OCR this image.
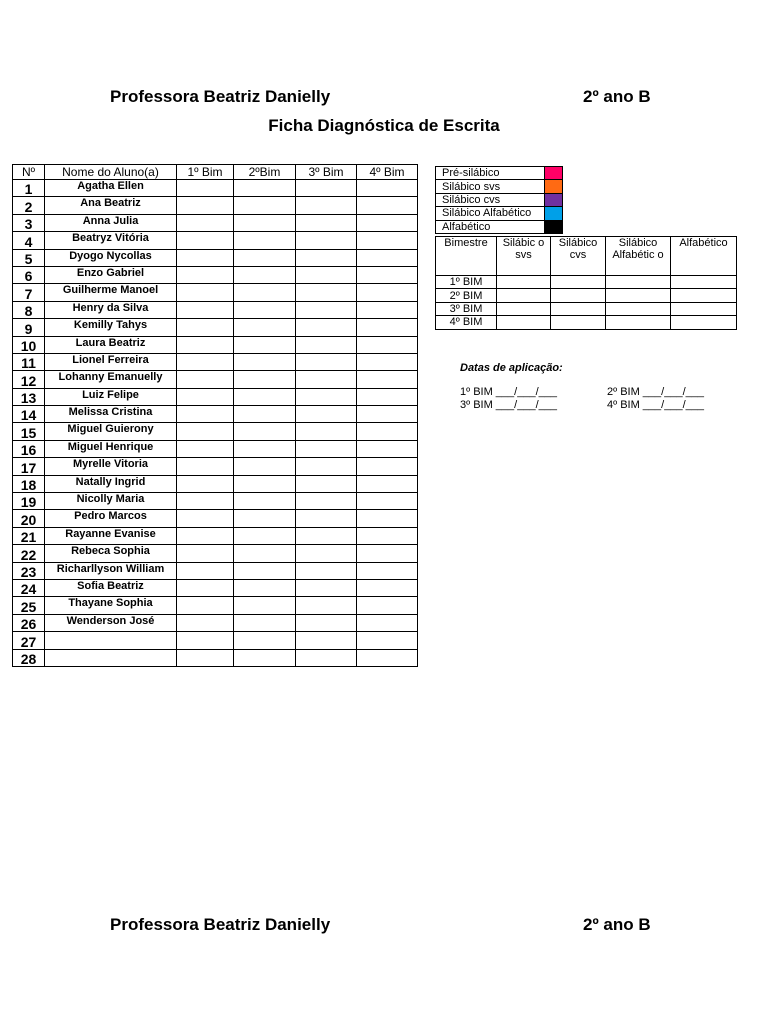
Professora Beatriz Danielly	2º ano B
Ficha Diagnóstica de Escrita
Nº	Nome do Aluno(a)	1º Bim	2ºBim	3º Bim	4º Bim
1	Agatha Ellen				
2	Ana Beatriz				
3	Anna Julia				
4	Beatryz Vitória				
5	Dyogo Nycollas				
6	Enzo Gabriel				
7	Guilherme Manoel				
8	Henry da Silva				
9	Kemilly Tahys				
10	Laura Beatriz				
11	Lionel Ferreira				
12	Lohanny Emanuelly				
13	Luiz Felipe				
14	Melissa Cristina				
15	Miguel Guierony				
16	Miguel Henrique				
17	Myrelle Vitoria				
18	Natally Ingrid				
19	Nicolly Maria				
20	Pedro Marcos				
21	Rayanne Evanise				
22	Rebeca Sophia				
23	Richarllyson William				
24	Sofia Beatriz				
25	Thayane Sophia				
26	Wenderson José				
27					
28					
Pré-silábico	
Silábico svs	
Silábico cvs	
Silábico Alfabético	
Alfabético	
Bimestre	Silábic o svs	Silábico cvs	Silábico Alfabétic o	Alfabético
1º BIM				
2º BIM				
3º BIM				
4º BIM				
Datas de aplicação:
1º BIM ___/___/___	2º BIM ___/___/___
3º BIM ___/___/___	4º BIM ___/___/___
Professora Beatriz Danielly	2º ano B
